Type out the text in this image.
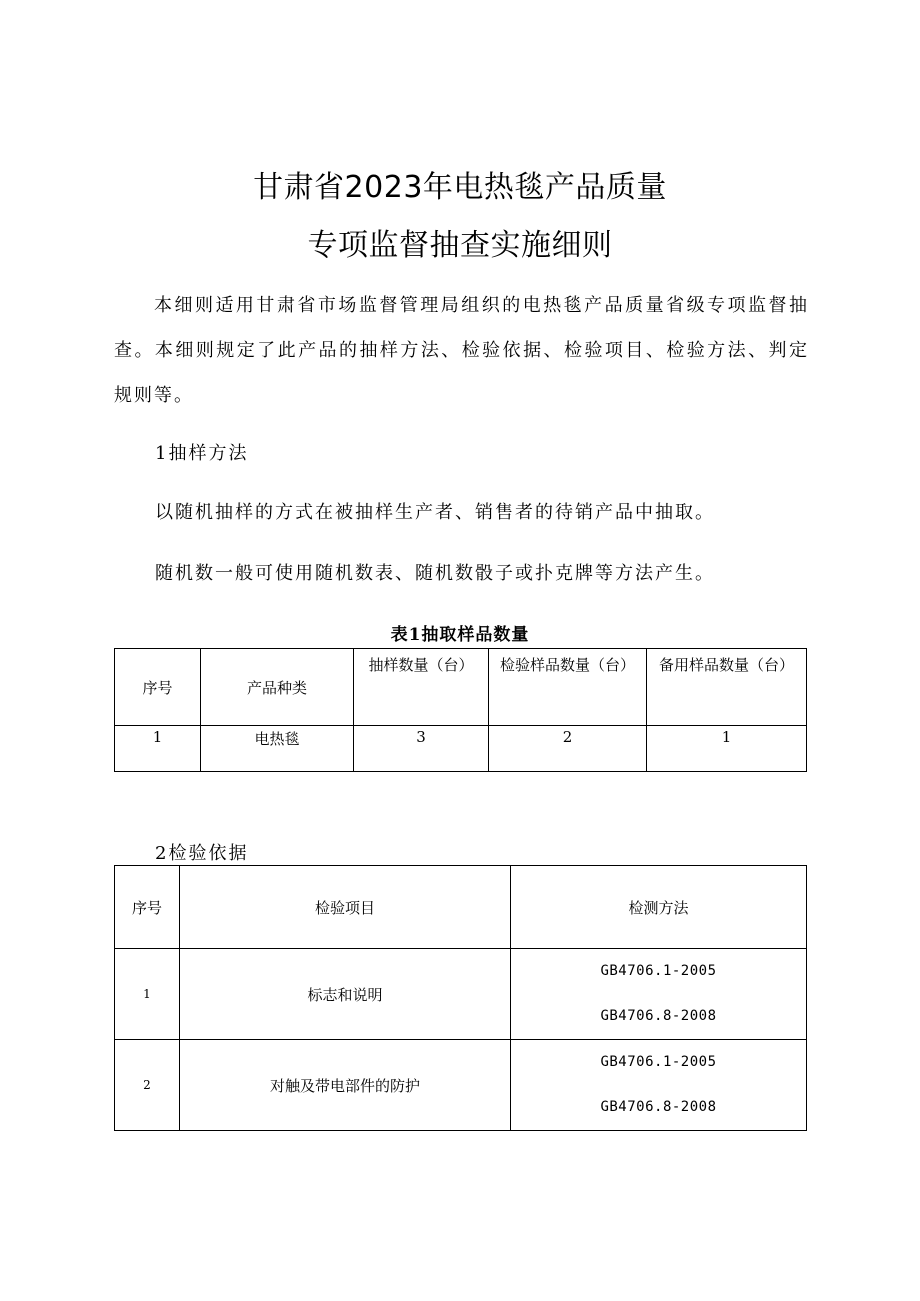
甘肃省2023年电热毯产品质量
专项监督抽查实施细则
本细则适用甘肃省市场监督管理局组织的电热毯产品质量省级专项监督抽查。本细则规定了此产品的抽样方法、检验依据、检验项目、检验方法、判定规则等。
1抽样方法
以随机抽样的方式在被抽样生产者、销售者的待销产品中抽取。
随机数一般可使用随机数表、随机数骰子或扑克牌等方法产生。
表1抽取样品数量
序号	产品种类	抽样数量（台）	检验样品数量（台）	备用样品数量（台）
1	电热毯	3	2	1
2检验依据
序号	检验项目	检测方法
1	标志和说明	GB4706.1-2005
GB4706.8-2008

2	对触及带电部件的防护	GB4706.1-2005
GB4706.8-2008
